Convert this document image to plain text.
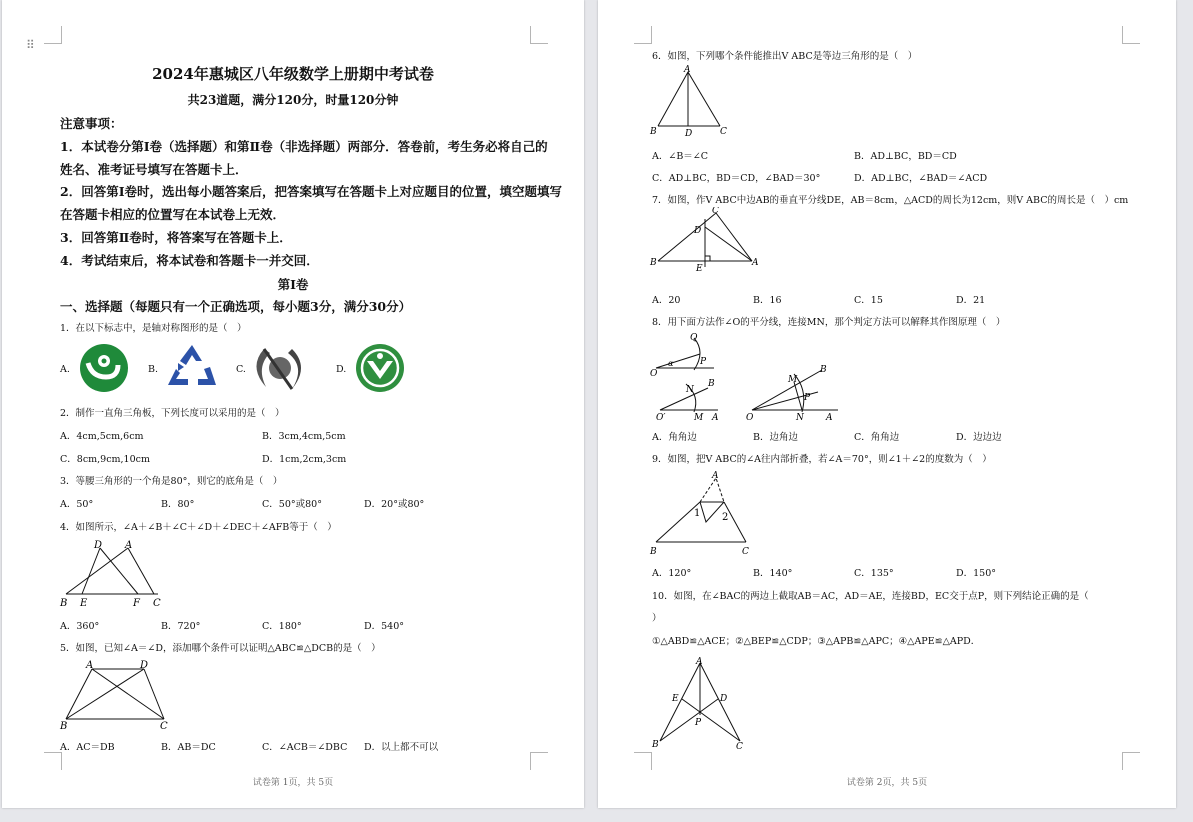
⠿
2024年惠城区八年级数学上册期中考试卷
共23道题，满分120分，时量120分钟
注意事项：
1．本试卷分第Ⅰ卷（选择题）和第Ⅱ卷（非选择题）两部分．答卷前，考生务必将自己的
姓名、准考证号填写在答题卡上．
2．回答第Ⅰ卷时，选出每小题答案后，把答案填写在答题卡上对应题目的位置，填空题填写
在答题卡相应的位置写在本试卷上无效．
3．回答第Ⅱ卷时，将答案写在答题卡上．
4．考试结束后，将本试卷和答题卡一并交回．
第Ⅰ卷
一、选择题（每题只有一个正确选项，每小题3分，满分30分）
1．在以下标志中，是轴对称图形的是（　）
A.	B.	C.	D.
2．制作一直角三角板，下列长度可以采用的是（　）
A．4cm,5cm,6cm	B．3cm,4cm,5cm
C．8cm,9cm,10cm	D．1cm,2cm,3cm
3．等腰三角形的一个角是80°，则它的底角是（　）
A．50°	B．80°	C．50°或80°	D．20°或80°
4．如图所示，∠A＋∠B＋∠C＋∠D＋∠DEC＋∠AFB等于（　）
D A
B E	F C
A．360°	B．720°	C．180°	D．540°
5．如图，已知∠A＝∠D，添加哪个条件可以证明△ABC≌△DCB的是（　）
A	D
B	C
A．AC＝DB	B．AB＝DC	C．∠ACB＝∠DBC D．以上都不可以
试卷第 1页，共 5页
6．如图，下列哪个条件能推出V ABC是等边三角形的是（　）
A
B	D	C
A．∠B＝∠C	B．AD⊥BC，BD＝CD
C．AD⊥BC，BD＝CD，∠BAD＝30°	D．AD⊥BC，∠BAD＝∠ACD
7．如图，作V ABC中边AB的垂直平分线DE，AB＝8cm，△ACD的周长为12cm，则V ABC的周长是（　）cm
C
D
B
E
A
A．20	B．16	C．15	D．21
8．用下面方法作∠O的平分线，连接MN，那个判定方法可以解释其作图原理（　）
Q
P
α
O
N
B
O′	M A
M
B
P
O	N A
A．角角边	B．边角边	C．角角边	D．边边边
9．如图，把V ABC的∠A往内部折叠，若∠A＝70°，则∠1＋∠2的度数为（　）
A
1 2
B	C
A．120°	B．140°	C．135°	D．150°
10．如图，在∠BAC的两边上截取AB＝AC，AD＝AE，连接BD，EC交于点P，则下列结论正确的是（
）
①△ABD≌△ACE；②△BEP≌△CDP；③△APB≌△APC；④△APE≌△APD．
A
E	D
P
B	C
试卷第 2页，共 5页
